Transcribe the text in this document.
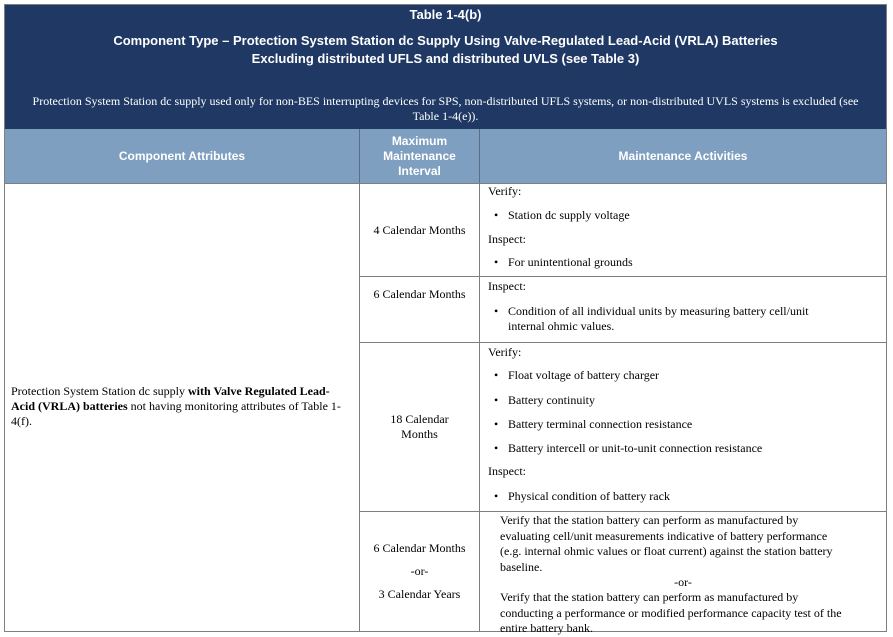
Table 1-4(b)
Component Type – Protection System Station dc Supply Using Valve-Regulated Lead-Acid (VRLA) Batteries
Excluding distributed UFLS and distributed UVLS (see Table 3)
Protection System Station dc supply used only for non-BES interrupting devices for SPS, non-distributed UFLS systems, or non-distributed UVLS systems is excluded (see Table 1-4(e)).
Component Attributes
Maximum
Maintenance
Interval
Maintenance Activities
Protection System Station dc supply with Valve Regulated Lead-Acid (VRLA) batteries not having monitoring attributes of Table 1-4(f).
4 Calendar Months
Verify:
• Station dc supply voltage
Inspect:
• For unintentional grounds
6 Calendar Months
Inspect:
• Condition of all individual units by measuring battery cell/unit
internal ohmic values.
18 Calendar
Months
Verify:
• Float voltage of battery charger
• Battery continuity
• Battery terminal connection resistance
• Battery intercell or unit-to-unit connection resistance
Inspect:
• Physical condition of battery rack
6 Calendar Months
-or-
3 Calendar Years
Verify that the station battery can perform as manufactured by
evaluating cell/unit measurements indicative of battery performance
(e.g. internal ohmic values or float current) against the station battery
baseline.
-or-
Verify that the station battery can perform as manufactured by
conducting a performance or modified performance capacity test of the
entire battery bank.
